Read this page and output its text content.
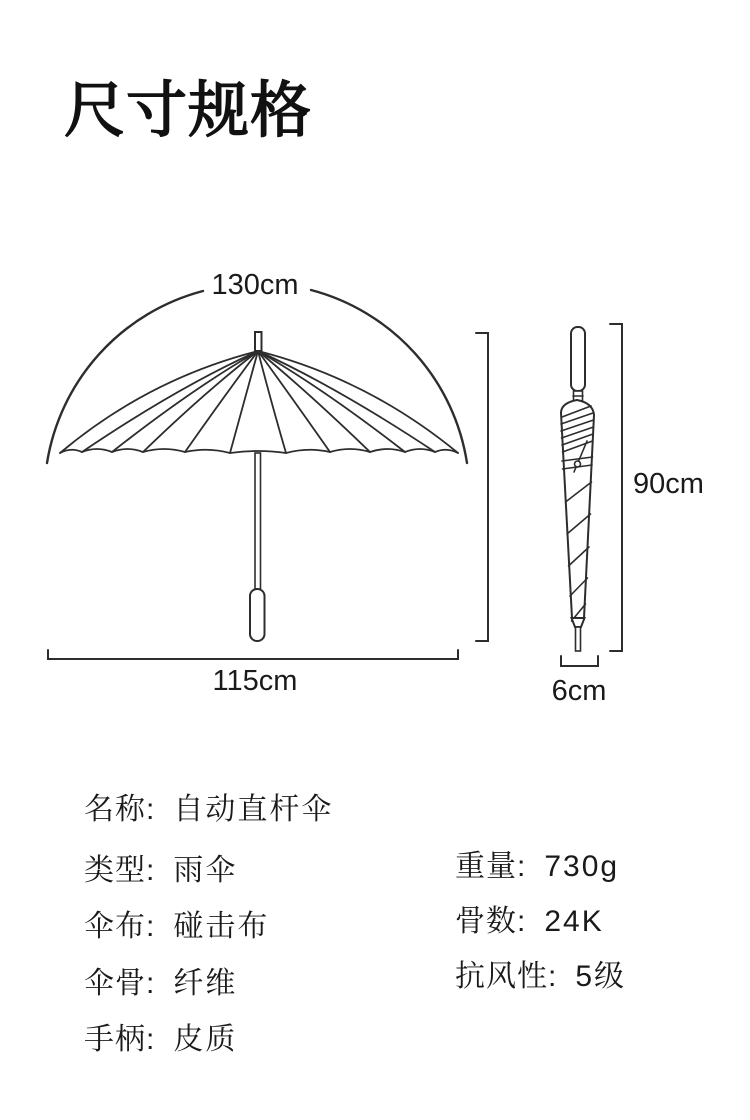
尺寸规格
130cm
115cm
90cm
6cm
名称: 自动直杆伞
类型: 雨伞
伞布: 碰击布
伞骨: 纤维
手柄: 皮质
重量: 730g
骨数: 24K
抗风性: 5级
